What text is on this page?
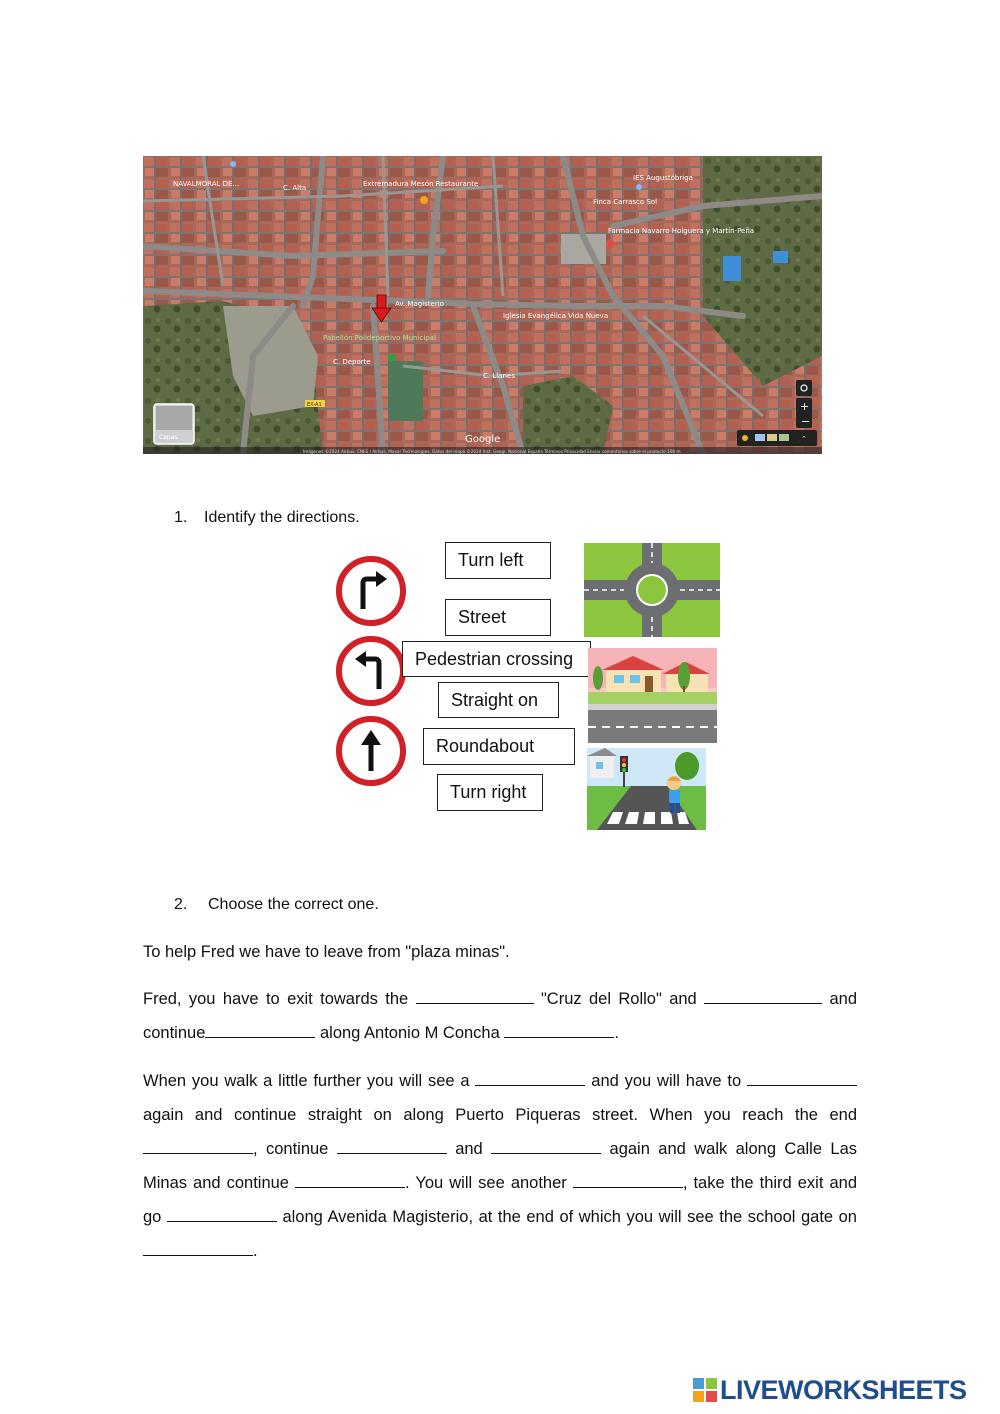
NAVALMORAL DE...	C. Alta	Extremadura Mesón Restaurante
IES Augustóbriga
Finca Carrasco Sol
Farmacia Navarro Holguera y Martín-Peña
Av. Magisterio
Iglesia Evangélica Vida Nueva
Pabellón Polideportivo Municipal
C. Deporte
C. Llanes
EX-A1
Capas	Google
+
−
⌃
Imágenes ©2024 Airbus, CNES / Airbus, Maxar Technologies, Datos del mapa ©2024 Inst. Geogr. Nacional España Términos Privacidad Enviar comentarios sobre el producto 100 m
1. Identify the directions.
Turn left
Street
Pedestrian crossing
Straight on
Roundabout
Turn right
2. Choose the correct one.
To help Fred we have to leave from "plaza minas".
Fred, you have to exit towards the	"Cruz del Rollo" and	and continue	along Antonio M Concha	.
When you walk a little further you will see a	and you will have to  again and continue straight on along Puerto Piqueras street. When you reach the end , continue	and	again and walk along Calle Las Minas and continue	. You will see another	, take the third exit and go	along Avenida Magisterio, at the end of which you will see the school gate on .
LIVEWORKSHEETS
